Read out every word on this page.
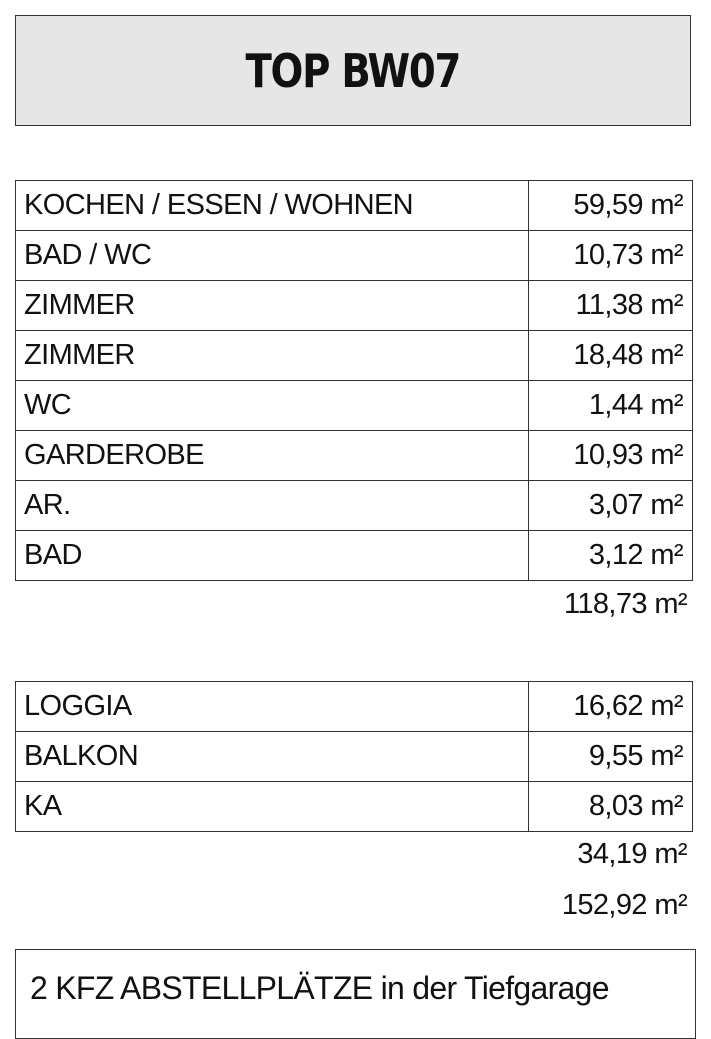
TOP BW07
KOCHEN / ESSEN / WOHNEN	59,59 m²
BAD / WC	10,73 m²
ZIMMER	11,38 m²
ZIMMER	18,48 m²
WC	1,44 m²
GARDEROBE	10,93 m²
AR.	3,07 m²
BAD	3,12 m²
118,73 m²
LOGGIA	16,62 m²
BALKON	9,55 m²
KA	8,03 m²
34,19 m²
152,92 m²
2 KFZ ABSTELLPLÄTZE in der Tiefgarage
